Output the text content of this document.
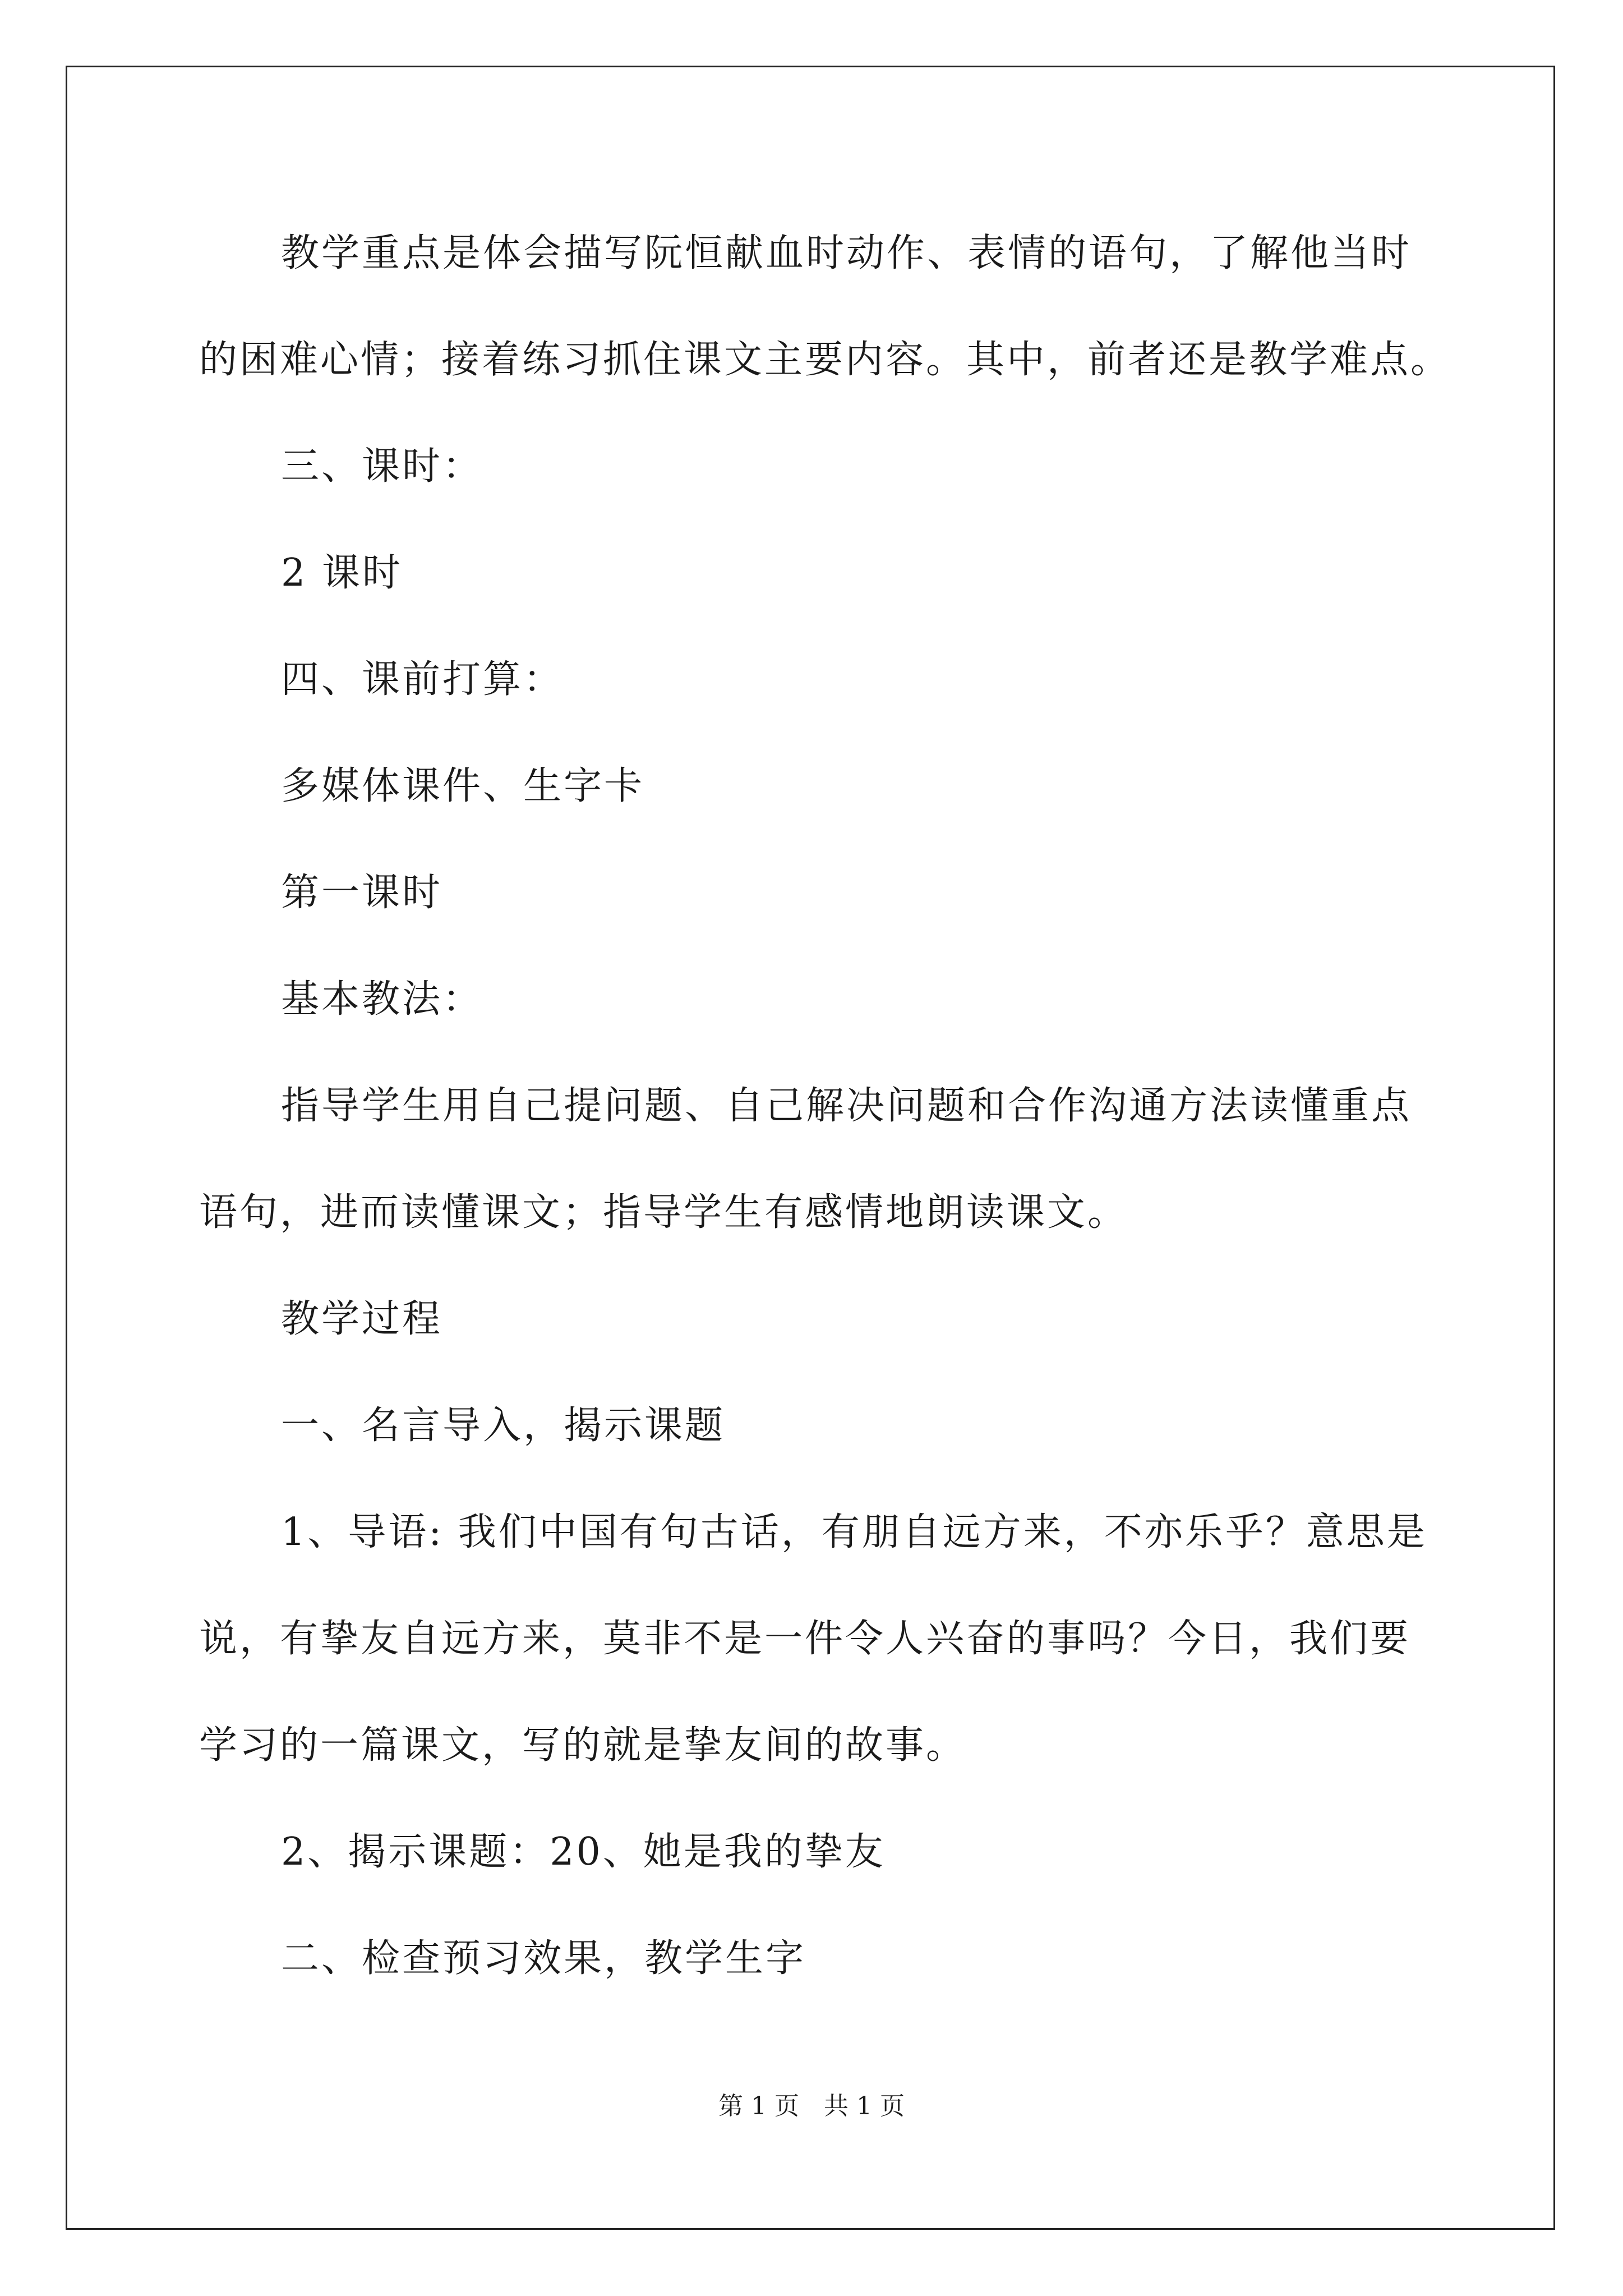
教学重点是体会描写阮恒献血时动作、表情的语句，了解他当时
的困难心情；接着练习抓住课文主要内容。其中，前者还是教学难点。
三、课时：
2 课时
四、课前打算：
多媒体课件、生字卡
第一课时
基本教法：
指导学生用自己提问题、自己解决问题和合作沟通方法读懂重点
语句，进而读懂课文；指导学生有感情地朗读课文。
教学过程
一、名言导入，揭示课题
1、导语: 我们中国有句古话，有朋自远方来，不亦乐乎？意思是
说，有挚友自远方来，莫非不是一件令人兴奋的事吗？今日，我们要
学习的一篇课文，写的就是挚友间的故事。
2、揭示课题：20、她是我的挚友
二、检查预习效果，教学生字
第 1 页 共 1 页
